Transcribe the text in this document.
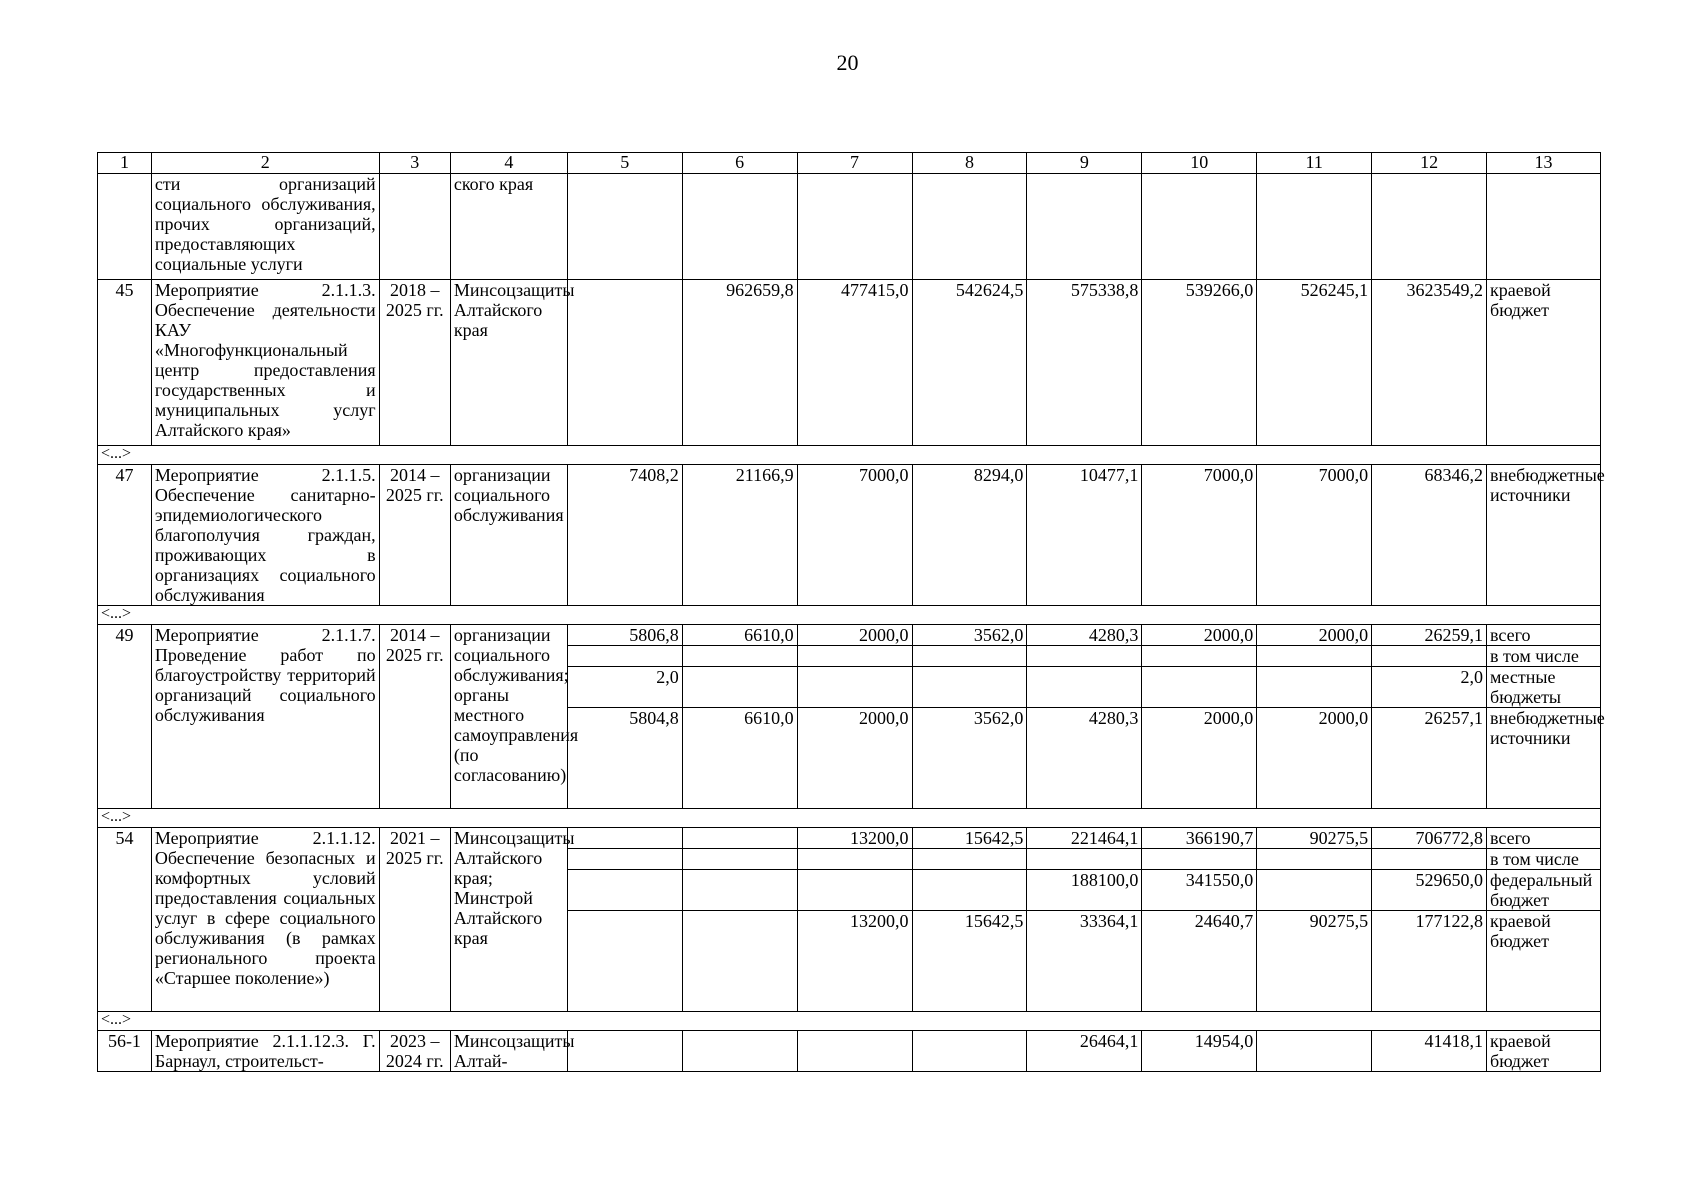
20
1	2	3	4	5	6	7	8	9	10	11	12	13
	сти организаций социального обслуживания, прочих организаций, предоставляющих социальные услуги		ского края									
45	Мероприятие 2.1.1.3. Обеспечение деятельности КАУ «Многофункциональный центр предоставления государственных и муниципальных услуг Алтайского края»	2018 – 2025 гг.	Минсоцзащиты Алтайского края		962659,8	477415,0	542624,5	575338,8	539266,0	526245,1	3623549,2	краевой бюджет
<...>												
47	Мероприятие 2.1.1.5. Обеспечение санитарно-эпидемиологического благополучия граждан, проживающих в организациях социального обслуживания	2014 – 2025 гг.	организации социального обслуживания	7408,2	21166,9	7000,0	8294,0	10477,1	7000,0	7000,0	68346,2	внебюджетные источники
<...>												
49	Мероприятие 2.1.1.7. Проведение работ по благоустройству территорий организаций социального обслуживания	2014 – 2025 гг.	организации социального обслуживания; органы местного самоуправления (по согласованию)	5806,8	6610,0	2000,0	3562,0	4280,3	2000,0	2000,0	26259,1	всего
												в том числе
				2,0							2,0	местные бюджеты
				5804,8	6610,0	2000,0	3562,0	4280,3	2000,0	2000,0	26257,1	внебюджетные источники
<...>												
54	Мероприятие 2.1.1.12. Обеспечение безопасных и комфортных условий предоставления социальных услуг в сфере социального обслуживания (в рамках регионального проекта «Старшее поколение»)	2021 – 2025 гг.	Минсоцзащиты Алтайского края; Минстрой Алтайского края			13200,0	15642,5	221464,1	366190,7	90275,5	706772,8	всего
												в том числе
								188100,0	341550,0		529650,0	федеральный бюджет
						13200,0	15642,5	33364,1	24640,7	90275,5	177122,8	краевой бюджет
<...>												
56-1	Мероприятие 2.1.1.12.3. Г. Барнаул, строительст-	2023 – 2024 гг.	Минсоцзащиты Алтай-					26464,1	14954,0		41418,1	краевой бюджет
